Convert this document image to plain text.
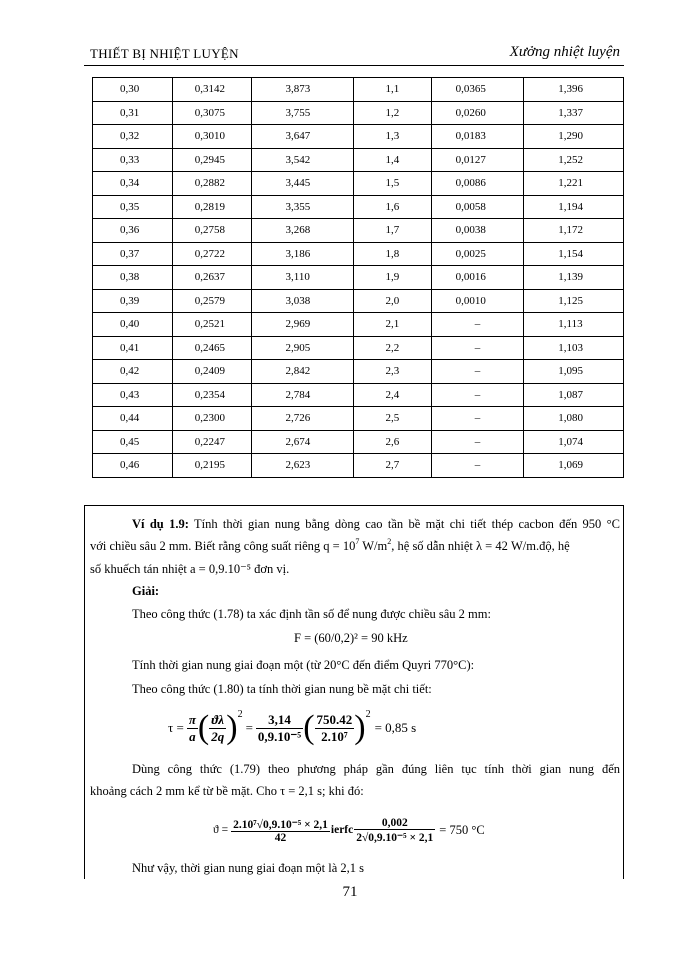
THIẾT BỊ NHIỆT LUYỆN	Xưởng nhiệt luyện
0,30	0,3142	3,873	1,1	0,0365	1,396
0,31	0,3075	3,755	1,2	0,0260	1,337
0,32	0,3010	3,647	1,3	0,0183	1,290
0,33	0,2945	3,542	1,4	0,0127	1,252
0,34	0,2882	3,445	1,5	0,0086	1,221
0,35	0,2819	3,355	1,6	0,0058	1,194
0,36	0,2758	3,268	1,7	0,0038	1,172
0,37	0,2722	3,186	1,8	0,0025	1,154
0,38	0,2637	3,110	1,9	0,0016	1,139
0,39	0,2579	3,038	2,0	0,0010	1,125
0,40	0,2521	2,969	2,1	–	1,113
0,41	0,2465	2,905	2,2	–	1,103
0,42	0,2409	2,842	2,3	–	1,095
0,43	0,2354	2,784	2,4	–	1,087
0,44	0,2300	2,726	2,5	–	1,080
0,45	0,2247	2,674	2,6	–	1,074
0,46	0,2195	2,623	2,7	–	1,069
Ví dụ 1.9: Tính thời gian nung bằng dòng cao tần bề mặt chi tiết thép cacbon đến 950 °C
với chiều sâu 2 mm. Biết rằng công suất riêng $q = 10^7$ $W/m^2$, hệ số dẫn nhiệt λ = 42 W/m.độ, hệ
số khuếch tán nhiệt a = 0,9.10⁻⁵ đơn vị.
Giải:
Theo công thức (1.78) ta xác định tần số để nung được chiều sâu 2 mm:
F = (60/0,2)² = 90 kHz
Tính thời gian nung giai đoạn một (từ 20°C đến điểm Quyri 770°C):
Theo công thức (1.80) ta tính thời gian nung bề mặt chi tiết:
$\tau = \frac{\pi}{a}$ ( $\frac{ϑ\lambda}{2q} )^2$
= $\frac{3,14}{\text{0,9.10⁻⁵}}$ ( $\frac{750.42}{\text{2.10⁷}} )^2$
= 0,85 s
Dùng công thức (1.79) theo phương pháp gần đúng liên tục tính thời gian nung đến
khoảng cách 2 mm kể từ bề mặt. Cho τ = 2,1 s; khi đó:
$ϑ = \frac{\text{2.10⁷√0,9.10⁻⁵ × 2,1}}{42}$ ierfc $\frac{0,002}{\text{2√0,9.10⁻⁵ × 2,1}} = 750$ °C
Như vậy, thời gian nung giai đoạn một là 2,1 s
71
